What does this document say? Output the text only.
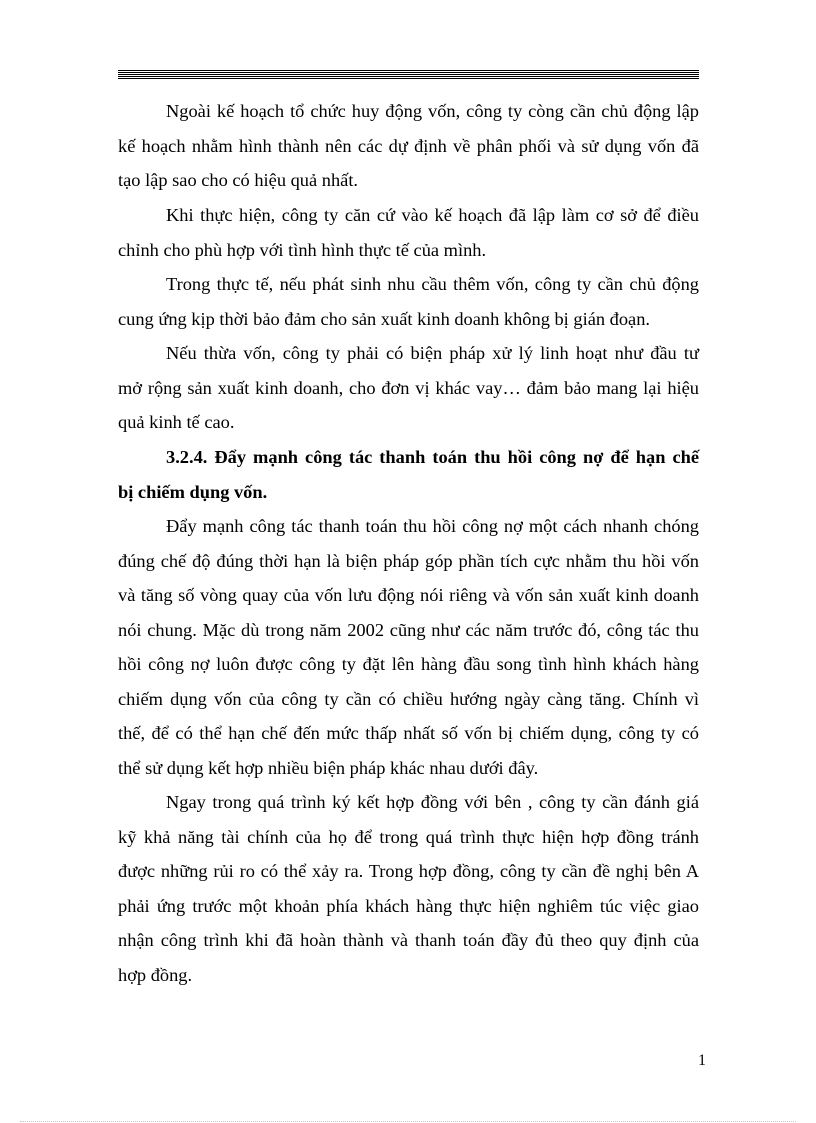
Ngoài kế hoạch tổ chức huy động vốn, công ty còng cần chủ động lập
kế hoạch nhằm hình thành nên các dự định về phân phối và sử dụng vốn đã
tạo lập sao cho có hiệu quả nhất.

Khi thực hiện, công ty căn cứ vào kế hoạch đã lập làm cơ sở để điều
chỉnh cho phù hợp với tình hình thực tế của mình.

Trong thực tế, nếu phát sinh nhu cầu thêm vốn, công ty cần chủ động
cung ứng kịp thời bảo đảm cho sản xuất kinh doanh không bị gián đoạn.

Nếu thừa vốn, công ty phải có biện pháp xử lý linh hoạt như đầu tư
mở rộng sản xuất kinh doanh, cho đơn vị khác vay… đảm bảo mang lại hiệu
quả kinh tế cao.

3.2.4. Đẩy mạnh công tác thanh toán thu hồi công nợ để hạn chế
bị chiếm dụng vốn.

Đẩy mạnh công tác thanh toán thu hồi công nợ một cách nhanh chóng
đúng chế độ đúng thời hạn là biện pháp góp phần tích cực nhằm thu hồi vốn
và tăng số vòng quay của vốn lưu động nói riêng và vốn sản xuất kinh doanh
nói chung. Mặc dù trong năm 2002 cũng như các năm trước đó, công tác thu
hồi công nợ luôn được công ty đặt lên hàng đầu song tình hình khách hàng
chiếm dụng vốn của công ty cần có chiều hướng ngày càng tăng. Chính vì
thế, để có thể hạn chế đến mức thấp nhất số vốn bị chiếm dụng, công ty có
thể sử dụng kết hợp nhiều biện pháp khác nhau dưới đây.

Ngay trong quá trình ký kết hợp đồng với bên , công ty cần đánh giá
kỹ khả năng tài chính của họ để trong quá trình thực hiện hợp đồng tránh
được những rủi ro có thể xảy ra. Trong hợp đồng, công ty cần đề nghị bên A
phải ứng trước một khoản phía khách hàng thực hiện nghiêm túc việc giao
nhận công trình khi đã hoàn thành và thanh toán đầy đủ theo quy định của
hợp đồng.

1
